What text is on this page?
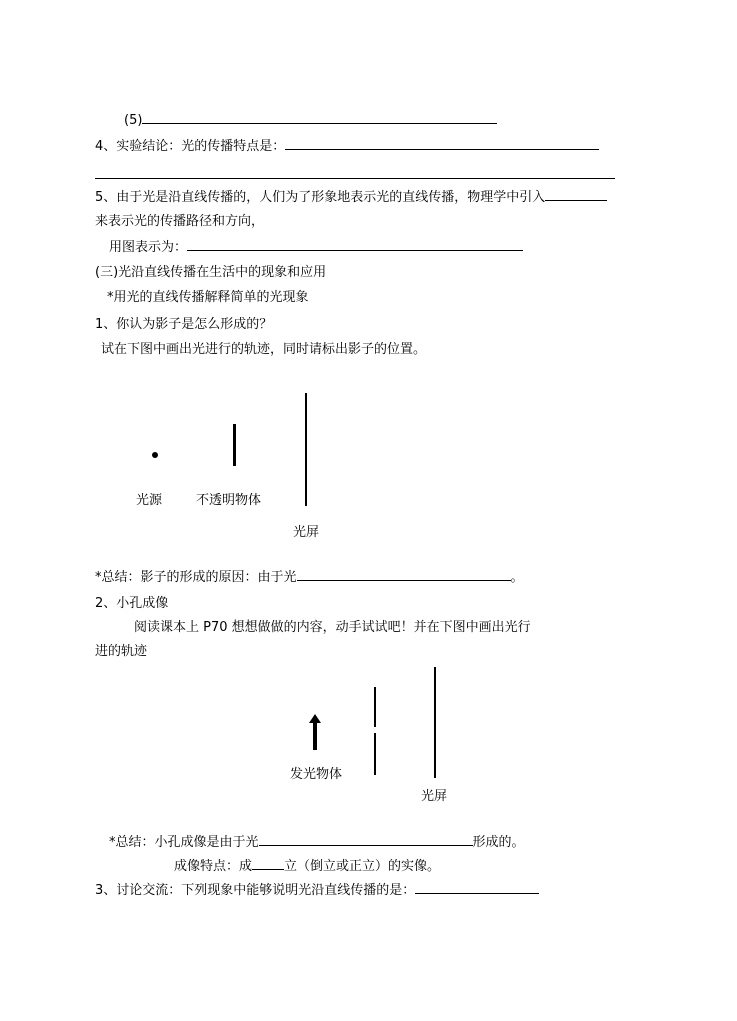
(5)
4、实验结论：光的传播特点是：
5、由于光是沿直线传播的，人们为了形象地表示光的直线传播，物理学中引入
来表示光的传播路径和方向，
用图表示为：
(三)光沿直线传播在生活中的现象和应用
*用光的直线传播解释简单的光现象
1、你认为影子是怎么形成的？
试在下图中画出光进行的轨迹，同时请标出影子的位置。
光源	不透明物体
光屏
*总结：影子的形成的原因：由于光	。
2、小孔成像
阅读课本上 P70 想想做做的内容，动手试试吧！并在下图中画出光行
进的轨迹
发光物体
光屏
*总结：小孔成像是由于光	形成的。
成像特点：成 立（倒立或正立）的实像。
3、讨论交流：下列现象中能够说明光沿直线传播的是：
